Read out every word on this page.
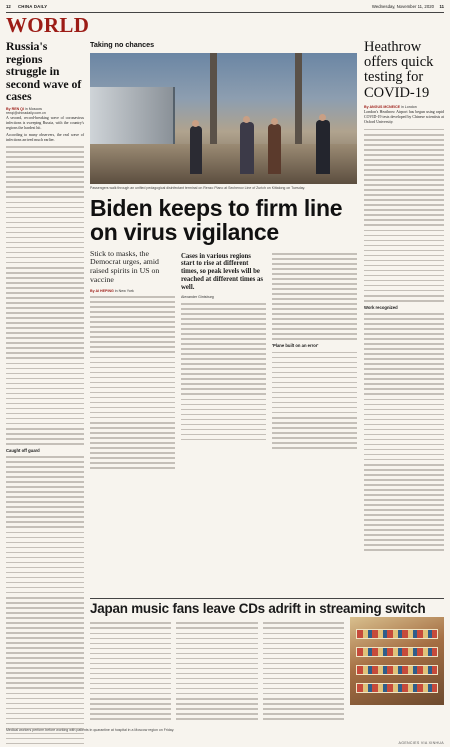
12 CHINA DAILY	Wednesday, November 11, 2020 11
WORLD
Russia's regions struggle in second wave of cases
By REN QI in Moscow
renqi@chinadaily.com.cn

A second, record-breaking wave of coronavirus infections is sweeping Russia, with the country's regions the hardest hit.

According to many observers, the real wave of infections arrived much earlier.

Caught off guard
Taking no chances
Passengers walk through an unified pedagogical disinfectant terminal on Renzo Piano at Sechenov Line of Zurich on Kittalong on Tuesday.
Biden keeps to firm line on virus vigilance
Stick to masks, the Democrat urges, amid raised spirits in US on vaccine
By AI HEPING in New York
Cases in various regions start to rise at different times, so peak levels will be reached at different times as well.
Alexander Gintsburg
'Plane built on an error'
Heathrow offers quick testing for COVID-19
By ANGUS MCNEICE in London

London's Heathrow Airport has begun using rapid COVID-19 tests developed by Chinese scientists at Oxford University.

Work recognized
Japan music fans leave CDs adrift in streaming switch
Medical workers perform before working with patients in quarantine at hospital in a Moscow region on Friday.
AGENCIES VIA XINHUA
